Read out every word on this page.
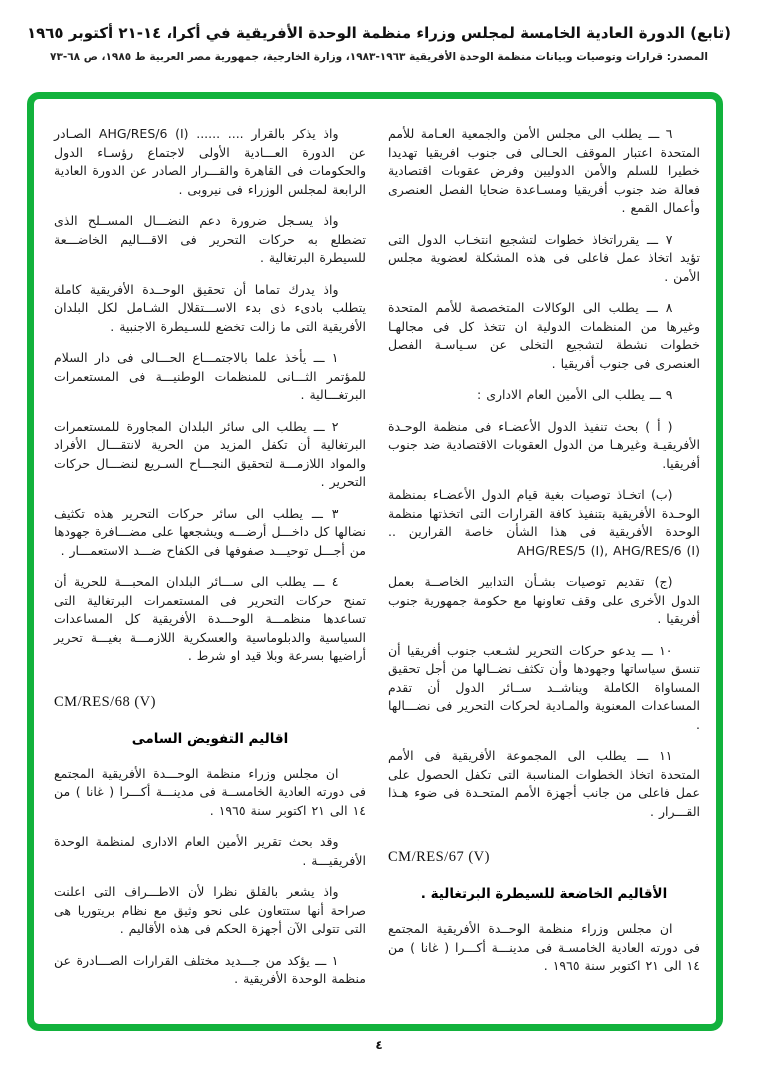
(تابع) الدورة العادية الخامسة لمجلس وزراء منظمة الوحدة الأفريقية في أكرا، ١٤-٢١ أكتوبر ١٩٦٥
المصدر: قرارات وتوصيات وبيانات منظمة الوحدة الأفريقية ١٩٦٣-١٩٨٣، وزارة الخارجية، جمهورية مصر العربية ط ١٩٨٥، ص ٦٨-٧٣

٦ ـــ يطلب الى مجلس الأمن والجمعية العـامة للأمم المتحدة اعتبار الموقف الحـالى فى جنوب افريقيا تهديدا خطيرا للسلم والأمن الدوليين وفرض عقوبات اقتصادية فعالة ضد جنوب أفريقيا ومسـاعدة ضحايا الفصل العنصرى وأعمال القمع .

٧ ـــ يقرراتخاذ خطوات لتشجيع انتخـاب الدول التى تؤيد اتخاذ عمل فاعلى فى هذه المشكلة لعضوية مجلس الأمن .

٨ ـــ يطلب الى الوكالات المتخصصة للأمم المتحدة وغيرها من المنظمات الدولية ان تتخذ كل فى مجالهـا خطوات نشطة لتشجيع التخلى عن سـياسـة الفصل العنصرى فى جنوب أفريقيا .

٩ ـــ يطلب الى الأمين العام الادارى :

( أ ) بحث تنفيذ الدول الأعضـاء فى منظمة الوحـدة الأفريقيـة وغيرهـا من الدول العقوبات الاقتصادية ضد جنوب أفريقيا.

(ب) اتخـاذ توصيات بغية قيام الدول الأعضـاء بمنظمة الوحـدة الأفريقية بتنفيذ كافة القرارات التى اتخذتها منظمة الوحدة الأفريقية فى هذا الشأن خاصة القرارين .. AHG/RES/5 (I), AHG/RES/6 (I)

(ج) تقديم توصيات بشـأن التدابير الخاصــة بعمل الدول الأخرى على وقف تعاونها مع حكومة جمهورية جنوب أفريقيا .

١٠ ـــ يدعو حركات التحرير لشـعب جنوب أفريقيا أن تنسق سياساتها وجهودها وأن تكثف نضــالها من أجل تحقيق المساواة الكاملة ويناشــد ســائر الدول أن تقدم المساعدات المعنوية والمـادية لحركات التحرير فى نضـــالها .

١١ ـــ يطلب الى المجموعة الأفريقية فى الأمم المتحدة اتخاذ الخطوات المناسبة التى تكفل الحصول على عمل فاعلى من جانب أجهزة الأمم المتحـدة فى ضوء هـذا القـــرار .

CM/RES/67 (V)
الأقاليم الخاضعة للسيطرة البرتغالية .

ان مجلس وزراء منظمة الوحــدة الأفريقية المجتمع فى دورته العادية الخامسـة فى مدينـــة أكـــرا ( غانا ) من ١٤ الى ٢١ اكتوبر سنة ١٩٦٥ .

واذ يذكر بالقرار .... ...... AHG/RES/6 (I) الصـادر عن الدورة العـــادية الأولى لاجتماع رؤسـاء الدول والحكومات فى القاهرة والقـــرار الصادر عن الدورة العادية الرابعة لمجلس الوزراء فى نيروبى .

واذ يسـجل ضرورة دعم النضـــال المســلح الذى تضطلع به حركات التحرير فى الاقـــاليم الخاضـــعة للسيطرة البرتغالية .

واذ يدرك تماما أن تحقيق الوحــدة الأفريقية كاملة يتطلب بادىء ذى بدء الاســـتقلال الشـامل لكل البلدان الأفريقية التى ما زالت تخضع للسـيطرة الاجنبية .

١ ـــ يأخذ علما بالاجتمـــاع الحـــالى فى دار السلام للمؤتمر الثـــانى للمنظمات الوطنيـــة فى المستعمرات البرتغـــالية .

٢ ـــ يطلب الى سائر البلدان المجاورة للمستعمرات البرتغالية أن تكفل المزيد من الحرية لانتقـــال الأفراد والمواد اللازمـــة لتحقيق النجـــاح السـريع لنضـــال حركات التحرير .

٣ ـــ يطلب الى سائر حركات التحرير هذه تكثيف نضالها كل داخـــل أرضـــه ويشجعها على مضـــافرة جهودها من أجـــل توحيـــد صفوفها فى الكفاح ضـــد الاستعمـــار .

٤ ـــ يطلب الى ســـائر البلدان المحبـــة للحرية أن تمنح حركات التحرير فى المستعمرات البرتغالية التى تساعدها منظمـــة الوحـــدة الأفريقية كل المساعدات السياسية والدبلوماسية والعسكرية اللازمـــة بغيـــة تحرير أراضيها بسرعة وبلا قيد او شرط .

CM/RES/68 (V)
اقاليم التفويض السامى

ان مجلس وزراء منظمة الوحـــدة الأفريقية المجتمع فى دورته العادية الخامســة فى مدينـــة أكـــرا ( غانا ) من ١٤ الى ٢١ اكتوبر سنة ١٩٦٥ .

وقد بحث تقرير الأمين العام الادارى لمنظمة الوحدة الأفريقيـــة .

واذ يشعر بالقلق نظرا لأن الاطـــراف التى اعلنت صراحة أنها ستتعاون على نحو وثيق مع نظام بريتوريا هى التى تتولى الآن أجهزة الحكم فى هذه الأقاليم .

١ ـــ يؤكد من جـــديد مختلف القرارات الصـــادرة عن منظمة الوحدة الأفريقية .

٤
